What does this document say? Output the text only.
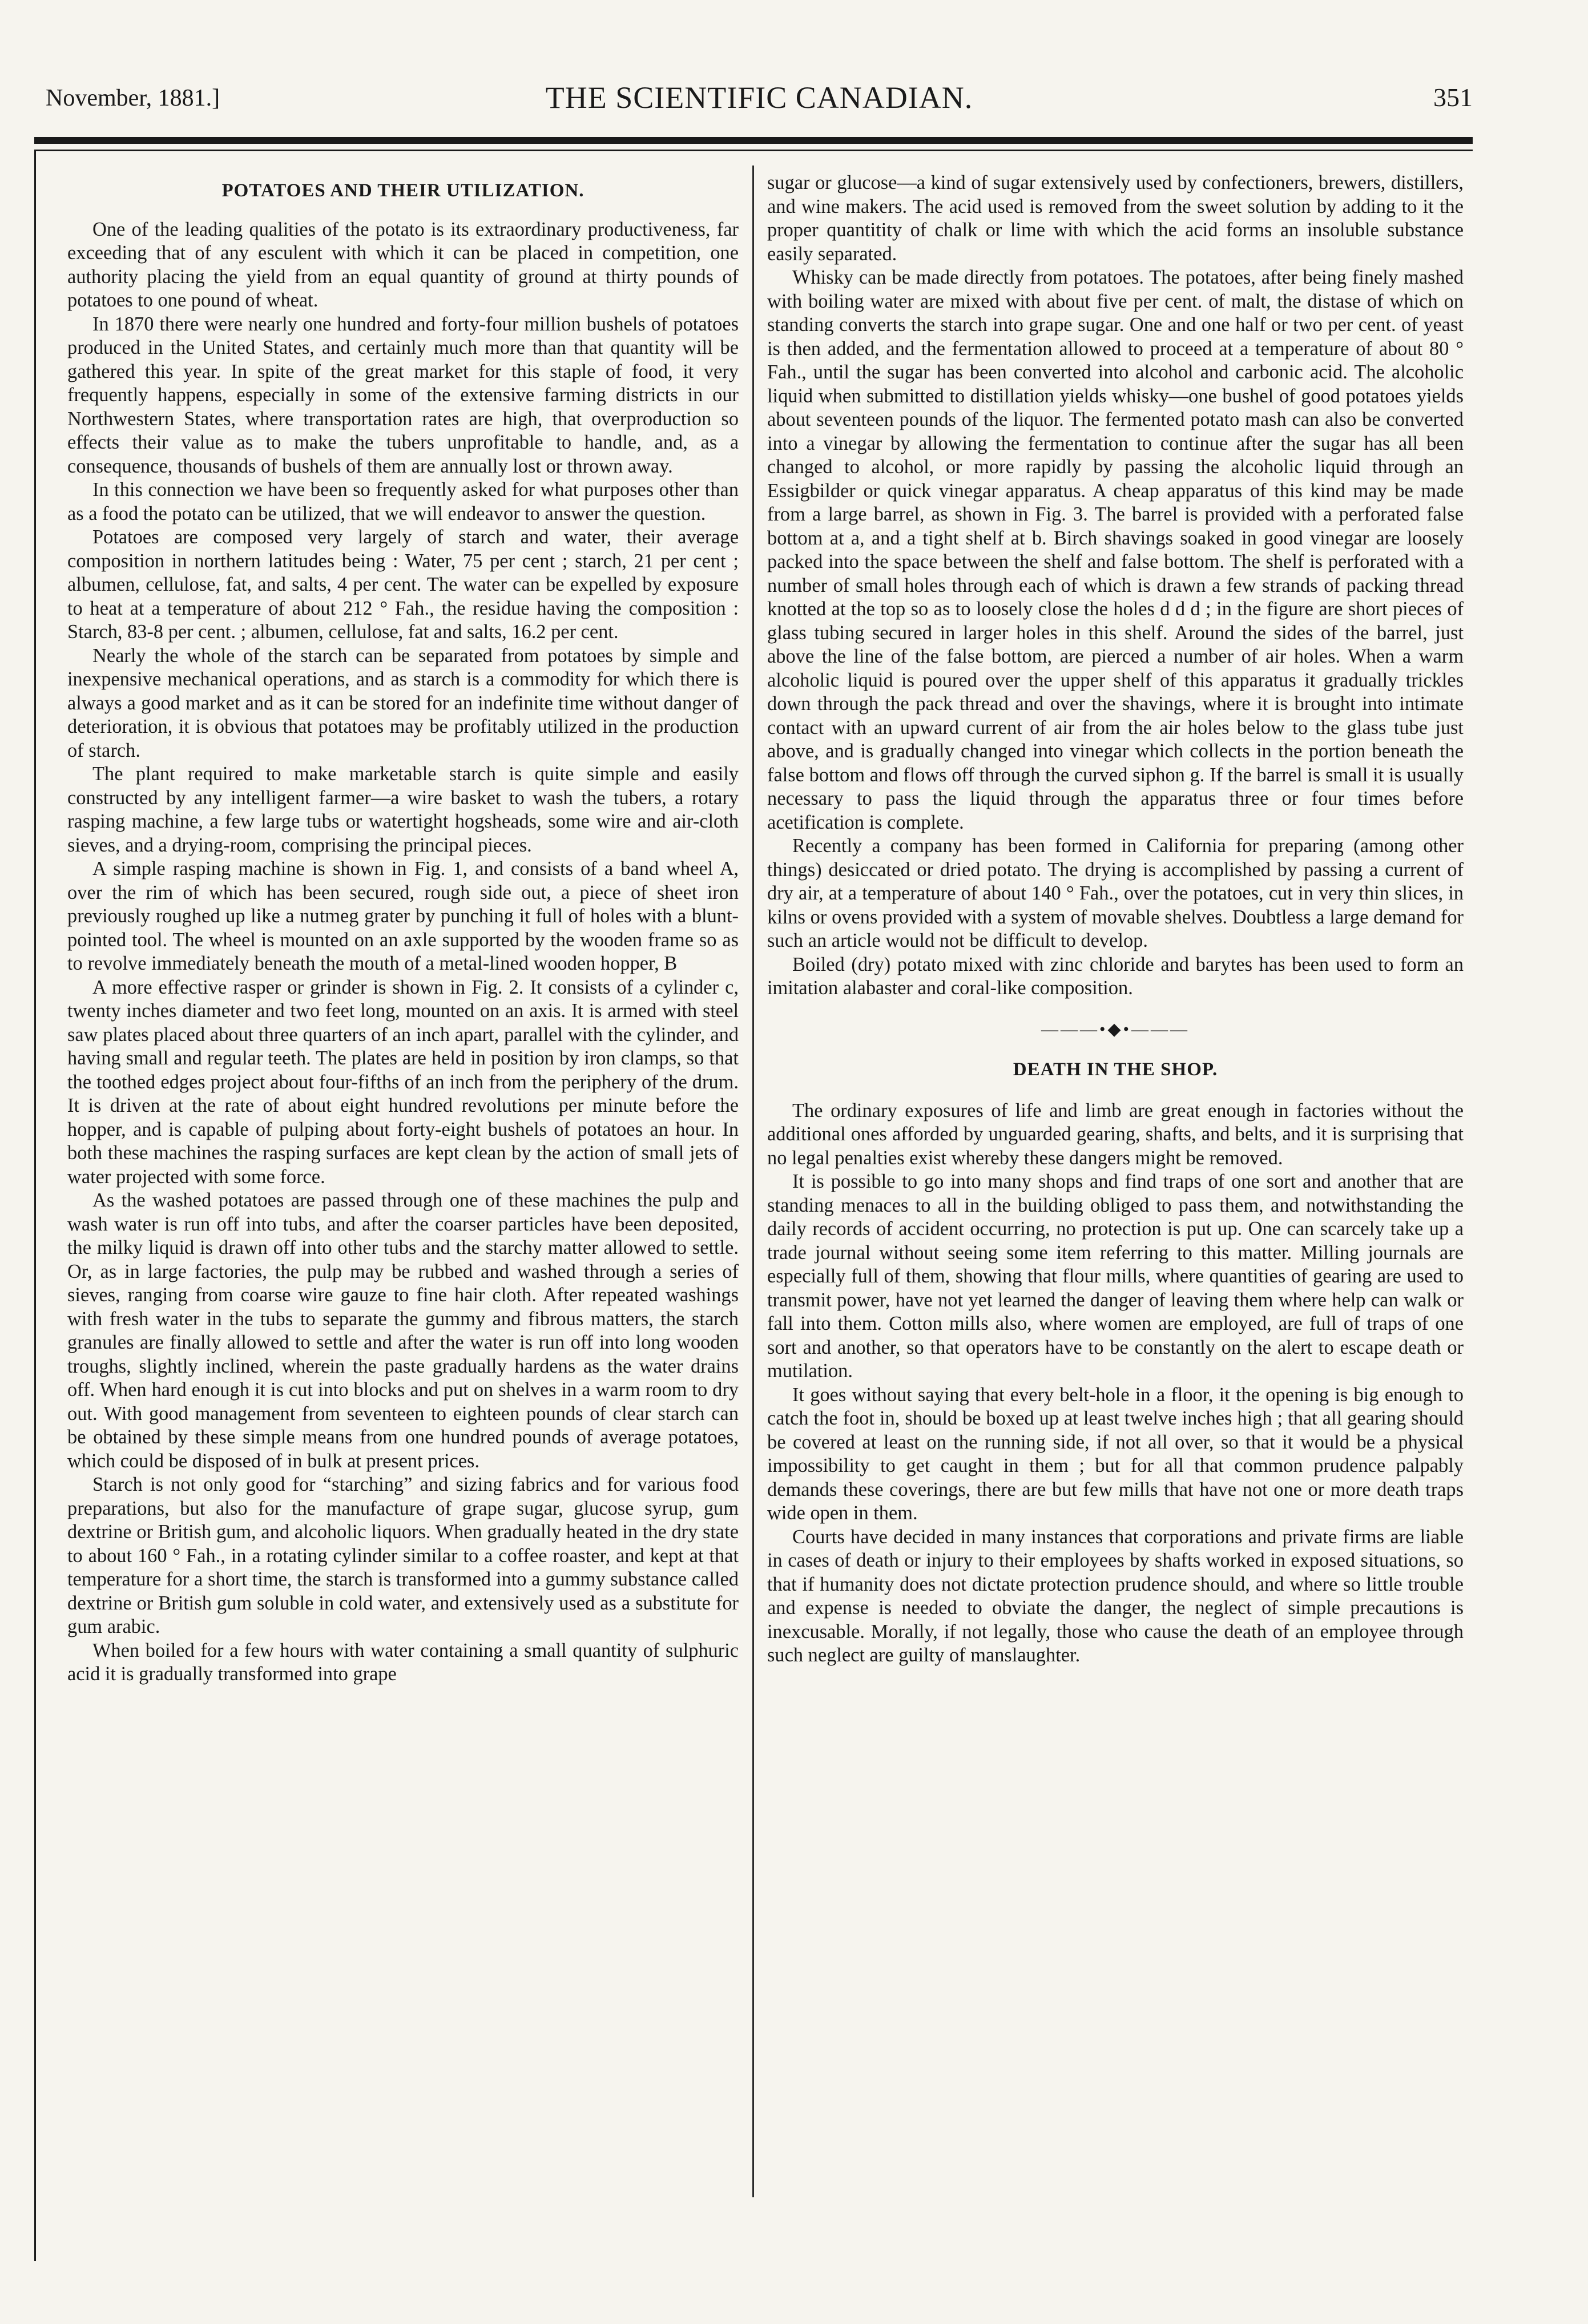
November, 1881.]	THE SCIENTIFIC CANADIAN.	351
POTATOES AND THEIR UTILIZATION.

One of the leading qualities of the potato is its extraordinary productiveness, far exceeding that of any esculent with which it can be placed in competition, one authority placing the yield from an equal quantity of ground at thirty pounds of potatoes to one pound of wheat.

In 1870 there were nearly one hundred and forty-four million bushels of potatoes produced in the United States, and certainly much more than that quantity will be gathered this year. In spite of the great market for this staple of food, it very frequently happens, especially in some of the extensive farming districts in our Northwestern States, where transportation rates are high, that overproduction so effects their value as to make the tubers unprofitable to handle, and, as a consequence, thousands of bushels of them are annually lost or thrown away.

In this connection we have been so frequently asked for what purposes other than as a food the potato can be utilized, that we will endeavor to answer the question.

Potatoes are composed very largely of starch and water, their average composition in northern latitudes being : Water, 75 per cent ; starch, 21 per cent ; albumen, cellulose, fat, and salts, 4 per cent. The water can be expelled by exposure to heat at a temperature of about 212 ° Fah., the residue having the composition : Starch, 83-8 per cent. ; albumen, cellulose, fat and salts, 16.2 per cent.

Nearly the whole of the starch can be separated from potatoes by simple and inexpensive mechanical operations, and as starch is a commodity for which there is always a good market and as it can be stored for an indefinite time without danger of deterioration, it is obvious that potatoes may be profitably utilized in the production of starch.

The plant required to make marketable starch is quite simple and easily constructed by any intelligent farmer—a wire basket to wash the tubers, a rotary rasping machine, a few large tubs or watertight hogsheads, some wire and air-cloth sieves, and a drying-room, comprising the principal pieces.

A simple rasping machine is shown in Fig. 1, and consists of a band wheel A, over the rim of which has been secured, rough side out, a piece of sheet iron previously roughed up like a nutmeg grater by punching it full of holes with a blunt-pointed tool. The wheel is mounted on an axle supported by the wooden frame so as to revolve immediately beneath the mouth of a metal-lined wooden hopper, B

A more effective rasper or grinder is shown in Fig. 2. It consists of a cylinder c, twenty inches diameter and two feet long, mounted on an axis. It is armed with steel saw plates placed about three quarters of an inch apart, parallel with the cylinder, and having small and regular teeth. The plates are held in position by iron clamps, so that the toothed edges project about four-fifths of an inch from the periphery of the drum. It is driven at the rate of about eight hundred revolutions per minute before the hopper, and is capable of pulping about forty-eight bushels of potatoes an hour. In both these machines the rasping surfaces are kept clean by the action of small jets of water projected with some force.

As the washed potatoes are passed through one of these machines the pulp and wash water is run off into tubs, and after the coarser particles have been deposited, the milky liquid is drawn off into other tubs and the starchy matter allowed to settle. Or, as in large factories, the pulp may be rubbed and washed through a series of sieves, ranging from coarse wire gauze to fine hair cloth. After repeated washings with fresh water in the tubs to separate the gummy and fibrous matters, the starch granules are finally allowed to settle and after the water is run off into long wooden troughs, slightly inclined, wherein the paste gradually hardens as the water drains off. When hard enough it is cut into blocks and put on shelves in a warm room to dry out. With good management from seventeen to eighteen pounds of clear starch can be obtained by these simple means from one hundred pounds of average potatoes, which could be disposed of in bulk at present prices.

Starch is not only good for “starching” and sizing fabrics and for various food preparations, but also for the manufacture of grape sugar, glucose syrup, gum dextrine or British gum, and alcoholic liquors. When gradually heated in the dry state to about 160 ° Fah., in a rotating cylinder similar to a coffee roaster, and kept at that temperature for a short time, the starch is transformed into a gummy substance called dextrine or British gum soluble in cold water, and extensively used as a substitute for gum arabic.

When boiled for a few hours with water containing a small quantity of sulphuric acid it is gradually transformed into grape

sugar or glucose—a kind of sugar extensively used by confectioners, brewers, distillers, and wine makers. The acid used is removed from the sweet solution by adding to it the proper quantitity of chalk or lime with which the acid forms an insoluble substance easily separated.

Whisky can be made directly from potatoes. The potatoes, after being finely mashed with boiling water are mixed with about five per cent. of malt, the distase of which on standing converts the starch into grape sugar. One and one half or two per cent. of yeast is then added, and the fermentation allowed to proceed at a temperature of about 80 ° Fah., until the sugar has been converted into alcohol and carbonic acid. The alcoholic liquid when submitted to distillation yields whisky—one bushel of good potatoes yields about seventeen pounds of the liquor. The fermented potato mash can also be converted into a vinegar by allowing the fermentation to continue after the sugar has all been changed to alcohol, or more rapidly by passing the alcoholic liquid through an Essigbilder or quick vinegar apparatus. A cheap apparatus of this kind may be made from a large barrel, as shown in Fig. 3. The barrel is provided with a perforated false bottom at a, and a tight shelf at b. Birch shavings soaked in good vinegar are loosely packed into the space between the shelf and false bottom. The shelf is perforated with a number of small holes through each of which is drawn a few strands of packing thread knotted at the top so as to loosely close the holes d d d ; in the figure are short pieces of glass tubing secured in larger holes in this shelf. Around the sides of the barrel, just above the line of the false bottom, are pierced a number of air holes. When a warm alcoholic liquid is poured over the upper shelf of this apparatus it gradually trickles down through the pack thread and over the shavings, where it is brought into intimate contact with an upward current of air from the air holes below to the glass tube just above, and is gradually changed into vinegar which collects in the portion beneath the false bottom and flows off through the curved siphon g. If the barrel is small it is usually necessary to pass the liquid through the apparatus three or four times before acetification is complete.

Recently a company has been formed in California for preparing (among other things) desiccated or dried potato. The drying is accomplished by passing a current of dry air, at a temperature of about 140 ° Fah., over the potatoes, cut in very thin slices, in kilns or ovens provided with a system of movable shelves. Doubtless a large demand for such an article would not be difficult to develop.

Boiled (dry) potato mixed with zinc chloride and barytes has been used to form an imitation alabaster and coral-like composition.

———•◆•———
DEATH IN THE SHOP.

The ordinary exposures of life and limb are great enough in factories without the additional ones afforded by unguarded gearing, shafts, and belts, and it is surprising that no legal penalties exist whereby these dangers might be removed.

It is possible to go into many shops and find traps of one sort and another that are standing menaces to all in the building obliged to pass them, and notwithstanding the daily records of accident occurring, no protection is put up. One can scarcely take up a trade journal without seeing some item referring to this matter. Milling journals are especially full of them, showing that flour mills, where quantities of gearing are used to transmit power, have not yet learned the danger of leaving them where help can walk or fall into them. Cotton mills also, where women are employed, are full of traps of one sort and another, so that operators have to be constantly on the alert to escape death or mutilation.

It goes without saying that every belt-hole in a floor, it the opening is big enough to catch the foot in, should be boxed up at least twelve inches high ; that all gearing should be covered at least on the running side, if not all over, so that it would be a physical impossibility to get caught in them ; but for all that common prudence palpably demands these coverings, there are but few mills that have not one or more death traps wide open in them.

Courts have decided in many instances that corporations and private firms are liable in cases of death or injury to their employees by shafts worked in exposed situations, so that if humanity does not dictate protection prudence should, and where so little trouble and expense is needed to obviate the danger, the neglect of simple precautions is inexcusable. Morally, if not legally, those who cause the death of an employee through such neglect are guilty of manslaughter.
